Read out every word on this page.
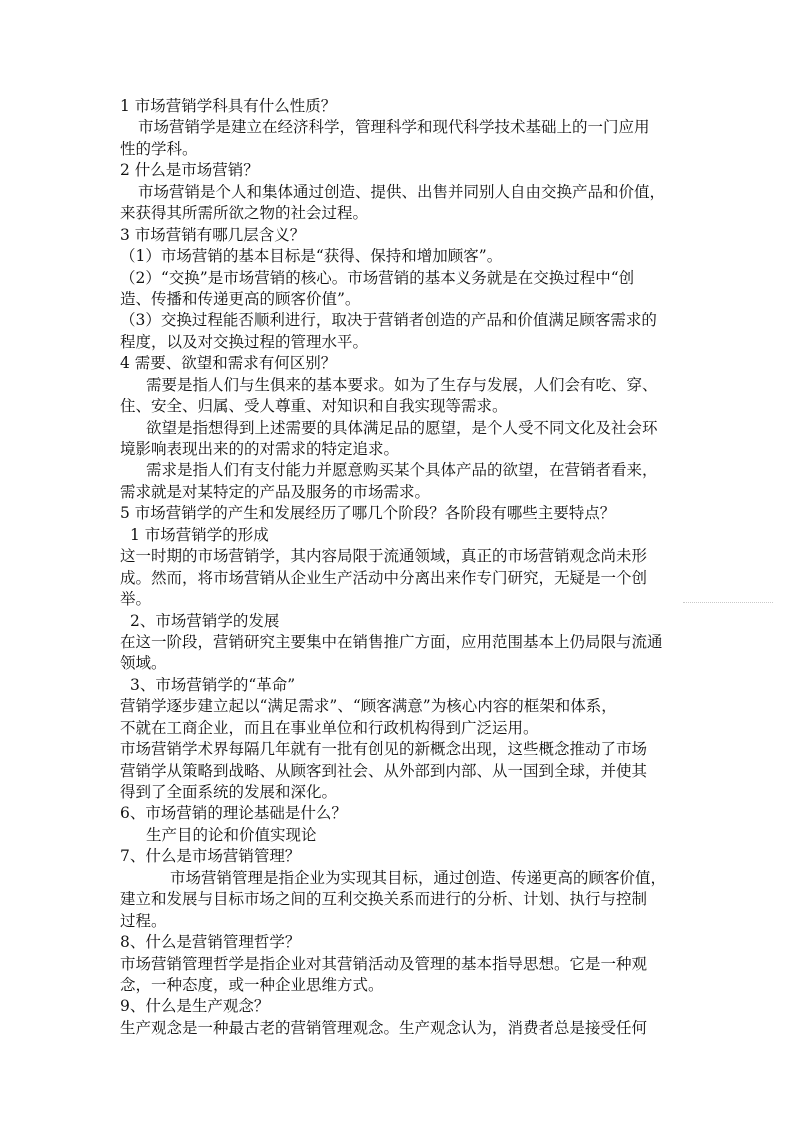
1 市场营销学科具有什么性质？
市场营销学是建立在经济科学，管理科学和现代科学技术基础上的一门应用
性的学科。
2 什么是市场营销？
市场营销是个人和集体通过创造、提供、出售并同别人自由交换产品和价值，
来获得其所需所欲之物的社会过程。
3 市场营销有哪几层含义？
（1）市场营销的基本目标是“获得、保持和增加顾客”。
（2）“交换”是市场营销的核心。市场营销的基本义务就是在交换过程中“创
造、传播和传递更高的顾客价值”。
（3）交换过程能否顺利进行，取决于营销者创造的产品和价值满足顾客需求的
程度，以及对交换过程的管理水平。
4 需要、欲望和需求有何区别？
需要是指人们与生俱来的基本要求。如为了生存与发展，人们会有吃、穿、
住、安全、归属、受人尊重、对知识和自我实现等需求。
欲望是指想得到上述需要的具体满足品的愿望，是个人受不同文化及社会环
境影响表现出来的的对需求的特定追求。
需求是指人们有支付能力并愿意购买某个具体产品的欲望，在营销者看来，
需求就是对某特定的产品及服务的市场需求。
5 市场营销学的产生和发展经历了哪几个阶段？各阶段有哪些主要特点？
1 市场营销学的形成
这一时期的市场营销学，其内容局限于流通领域，真正的市场营销观念尚未形
成。然而，将市场营销从企业生产活动中分离出来作专门研究，无疑是一个创
举。
2、市场营销学的发展
在这一阶段，营销研究主要集中在销售推广方面，应用范围基本上仍局限与流通
领域。
3、市场营销学的“革命”
营销学逐步建立起以“满足需求”、“顾客满意”为核心内容的框架和体系，
不就在工商企业，而且在事业单位和行政机构得到广泛运用。
市场营销学术界每隔几年就有一批有创见的新概念出现，这些概念推动了市场
营销学从策略到战略、从顾客到社会、从外部到内部、从一国到全球，并使其
得到了全面系统的发展和深化。
6、市场营销的理论基础是什么？
生产目的论和价值实现论
7、什么是市场营销管理？
市场营销管理是指企业为实现其目标，通过创造、传递更高的顾客价值，
建立和发展与目标市场之间的互利交换关系而进行的分析、计划、执行与控制
过程。
8、什么是营销管理哲学？
市场营销管理哲学是指企业对其营销活动及管理的基本指导思想。它是一种观
念，一种态度，或一种企业思维方式。
9、什么是生产观念？
生产观念是一种最古老的营销管理观念。生产观念认为，消费者总是接受任何
